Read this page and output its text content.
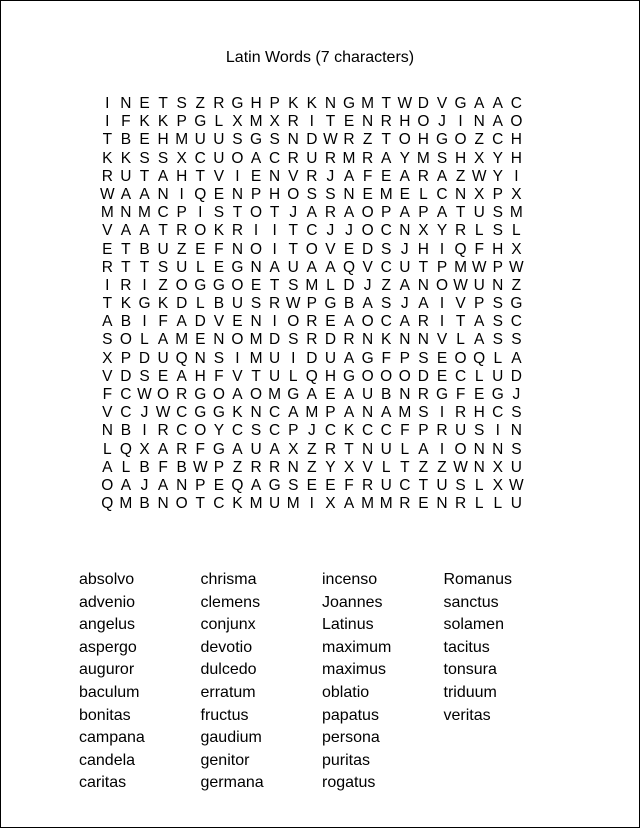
Latin Words (7 characters)
I N E T S Z R G H P K K N G M T W D V G A A C
I F K K P G L X M X R I T E N R H O J I N A O
T B E H M U U S G S N D W R Z T O H G O Z C H
K K S S X C U O A C R U R M R A Y M S H X Y H
R U T A H T V I E N V R J A F E A R A Z W Y I
W A A N I Q E N P H O S S N E M E L C N X P X
M N M C P I S T O T J A R A O P A P A T U S M
V A A T R O K R I I T C J J O C N X Y R L S L
E T B U Z E F N O I T O V E D S J H I Q F H X
R T T S U L E G N A U A A Q V C U T P M W P W
I R I Z O G G O E T S M L D J Z A N O W U N Z
T K G K D L B U S R W P G B A S J A I V P S G
A B I F A D V E N I O R E A O C A R I T A S C
S O L A M E N O M D S R D R N K N N V L A S S
X P D U Q N S I M U I D U A G F P S E O Q L A
V D S E A H F V T U L Q H G O O O D E C L U D
F C W O R G O A O M G A E A U B N R G F E G J
V C J W C G G K N C A M P A N A M S I R H C S
N B I R C O Y C S C P J C K C C F P R U S I N
L Q X A R F G A U A X Z R T N U L A I O N N S
A L B F B W P Z R R N Z Y X V L T Z Z W N X U
O A J A N P E Q A G S E E F R U C T U S L X W
Q M B N O T C K M U M I X A M M R E N R L L U
absolvo
advenio
angelus
aspergo
auguror
baculum
bonitas
campana
candela
caritas
chrisma
clemens
conjunx
devotio
dulcedo
erratum
fructus
gaudium
genitor
germana
incenso
Joannes
Latinus
maximum
maximus
oblatio
papatus
persona
puritas
rogatus
Romanus
sanctus
solamen
tacitus
tonsura
triduum
veritas
